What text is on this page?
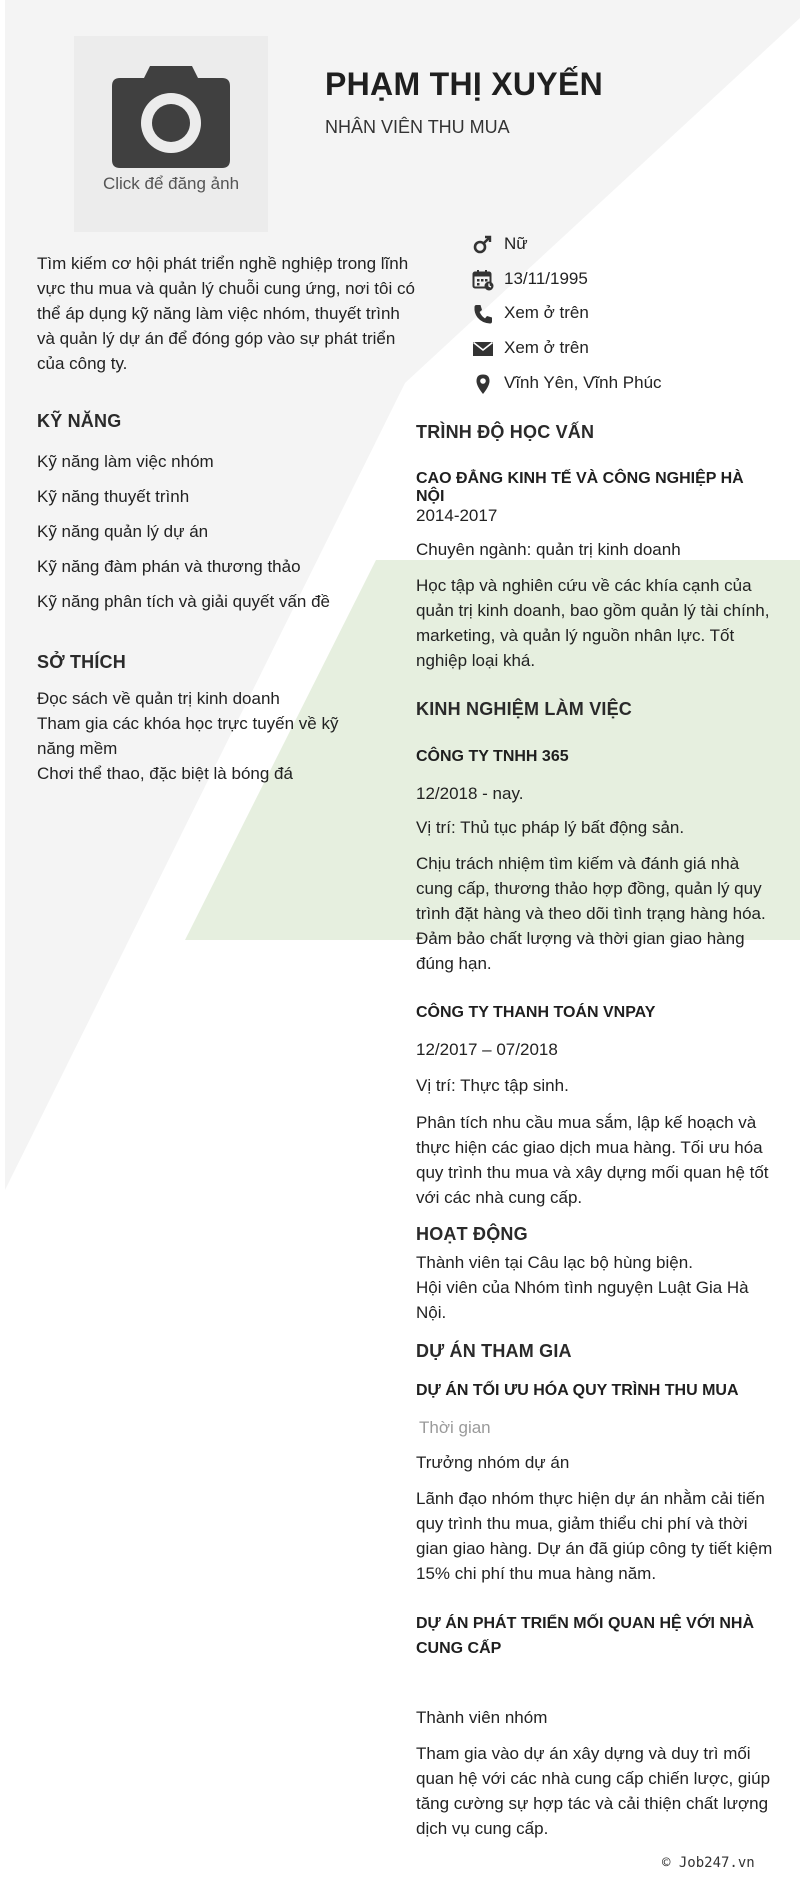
Click để đăng ảnh
PHẠM THỊ XUYẾN
NHÂN VIÊN THU MUA
Nữ
13/11/1995
Xem ở trên
Xem ở trên
Vĩnh Yên, Vĩnh Phúc
Tìm kiếm cơ hội phát triển nghề nghiệp trong lĩnh vực thu mua và quản lý chuỗi cung ứng, nơi tôi có thể áp dụng kỹ năng làm việc nhóm, thuyết trình và quản lý dự án để đóng góp vào sự phát triển của công ty.
KỸ NĂNG
Kỹ năng làm việc nhóm
Kỹ năng thuyết trình
Kỹ năng quản lý dự án
Kỹ năng đàm phán và thương thảo
Kỹ năng phân tích và giải quyết vấn đề
SỞ THÍCH
Đọc sách về quản trị kinh doanh
Tham gia các khóa học trực tuyến về kỹ năng mềm
Chơi thể thao, đặc biệt là bóng đá
TRÌNH ĐỘ HỌC VẤN
CAO ĐẲNG KINH TẾ VÀ CÔNG NGHIỆP HÀ NỘI
2014-2017
Chuyên ngành: quản trị kinh doanh
Học tập và nghiên cứu về các khía cạnh của quản trị kinh doanh, bao gồm quản lý tài chính, marketing, và quản lý nguồn nhân lực. Tốt nghiệp loại khá.
KINH NGHIỆM LÀM VIỆC
CÔNG TY TNHH 365
12/2018 - nay.
Vị trí: Thủ tục pháp lý bất động sản.
Chịu trách nhiệm tìm kiếm và đánh giá nhà cung cấp, thương thảo hợp đồng, quản lý quy trình đặt hàng và theo dõi tình trạng hàng hóa. Đảm bảo chất lượng và thời gian giao hàng đúng hạn.
CÔNG TY THANH TOÁN VNPAY
12/2017 – 07/2018
Vị trí: Thực tập sinh.
Phân tích nhu cầu mua sắm, lập kế hoạch và thực hiện các giao dịch mua hàng. Tối ưu hóa quy trình thu mua và xây dựng mối quan hệ tốt với các nhà cung cấp.
HOẠT ĐỘNG
Thành viên tại Câu lạc bộ hùng biện.
Hội viên của Nhóm tình nguyện Luật Gia Hà Nội.
DỰ ÁN THAM GIA
DỰ ÁN TỐI ƯU HÓA QUY TRÌNH THU MUA
Thời gian
Trưởng nhóm dự án
Lãnh đạo nhóm thực hiện dự án nhằm cải tiến quy trình thu mua, giảm thiểu chi phí và thời gian giao hàng. Dự án đã giúp công ty tiết kiệm 15% chi phí thu mua hàng năm.
DỰ ÁN PHÁT TRIỂN MỐI QUAN HỆ VỚI NHÀ CUNG CẤP
Thành viên nhóm
Tham gia vào dự án xây dựng và duy trì mối quan hệ với các nhà cung cấp chiến lược, giúp tăng cường sự hợp tác và cải thiện chất lượng dịch vụ cung cấp.
© Job247.vn
